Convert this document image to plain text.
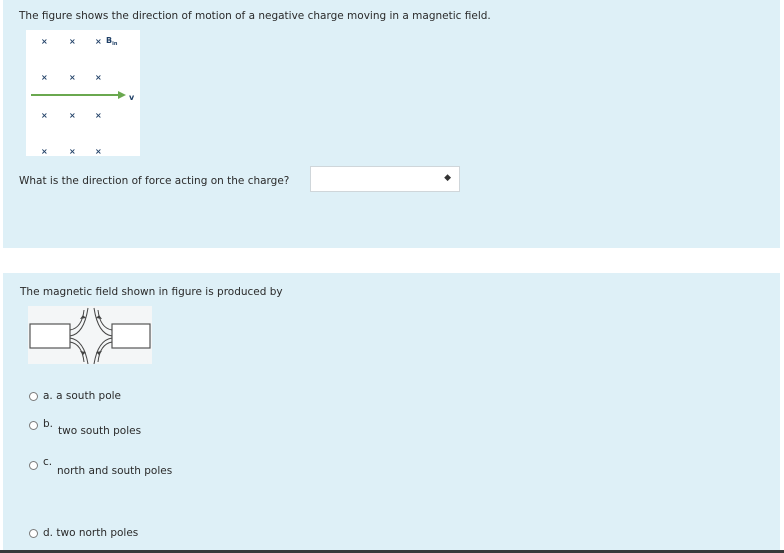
The figure shows the direction of motion of a negative charge moving in a magnetic field.
×	× ×
×	× ×
×	× ×
×	× ×
$B_{in}$
v
What is the direction of force acting on the charge?	◆
The magnetic field shown in figure is produced by
a. a south pole
b.
two south poles
c.
north and south poles
d. two north poles
